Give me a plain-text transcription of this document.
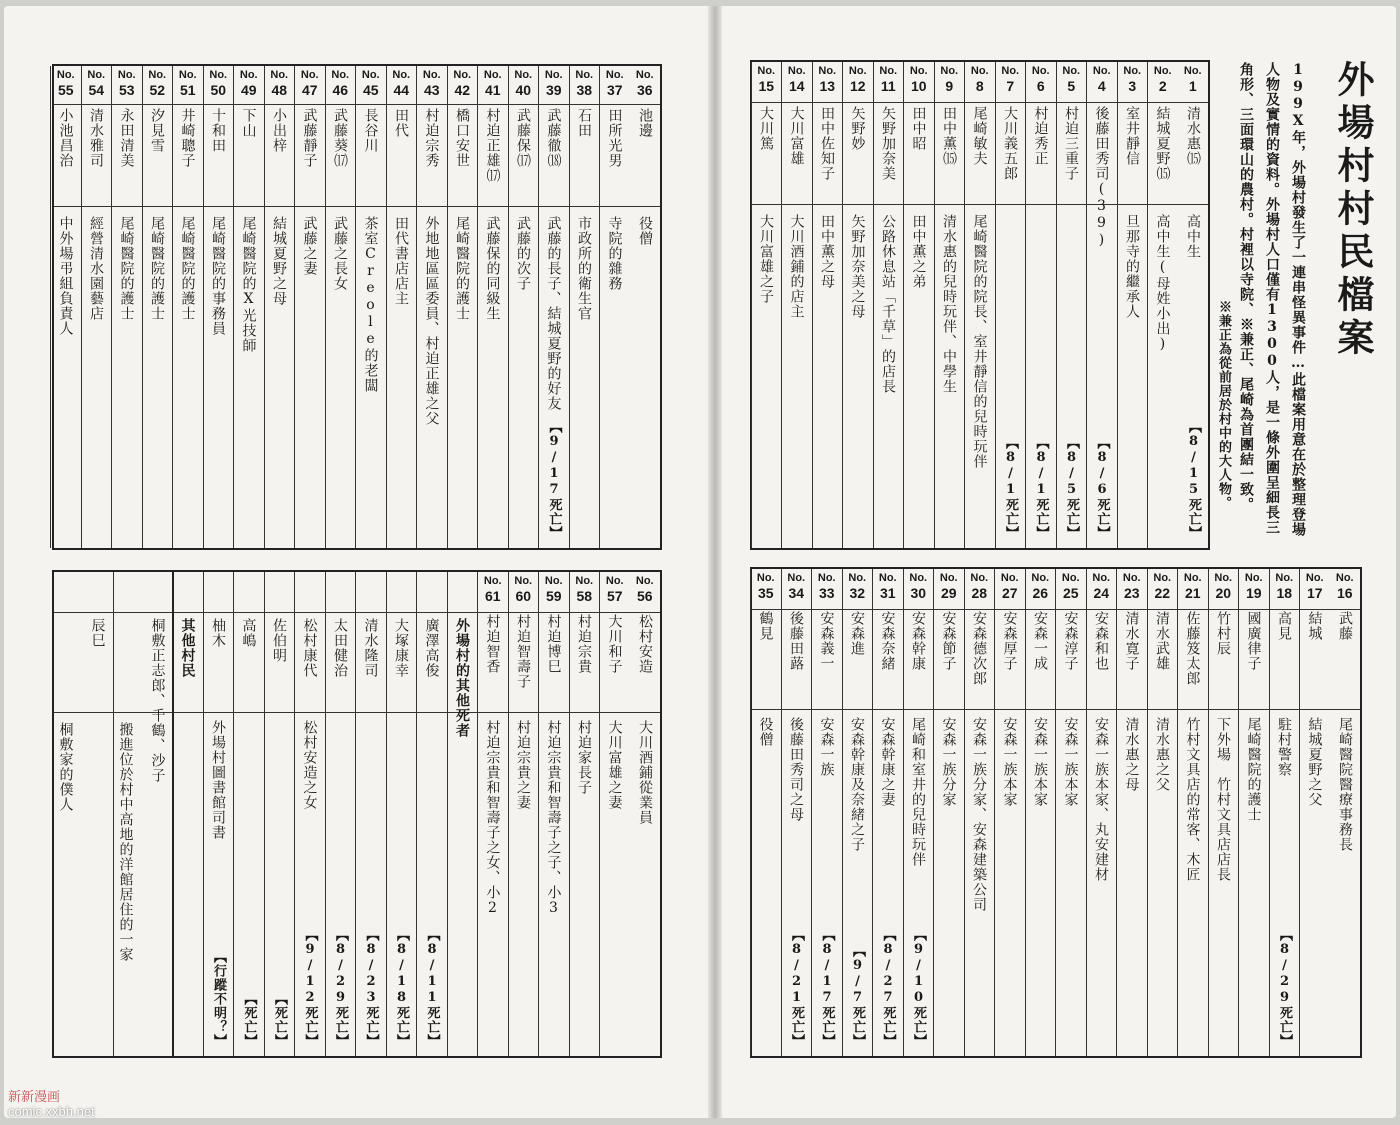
外場村村民檔案
199X年，外場村發生了一連串怪異事件…此檔案用意在於整理登場
人物及實情的資料。外場村人口僅有1300人，是一條外圍呈細長三
角形、三面環山的農村。村裡以寺院、※兼正、尾崎為首團結一致。
※兼正為從前居於村中的大人物。
No.
1
清水惠⒂
高中生
【8/15死亡】
No.
2
結城夏野⒂
高中生(母姓小出)
No.
3
室井靜信
旦那寺的繼承人
No.
4
後藤田秀司(39)
【8/6死亡】
No.
5
村迫三重子
【8/5死亡】
No.
6
村迫秀正
【8/1死亡】
No.
7
大川義五郎
【8/1死亡】
No.
8
尾崎敏夫
尾崎醫院的院長、室井靜信的兒時玩伴
No.
9
田中薫⒂
清水惠的兒時玩伴、中學生
No.
10
田中昭
田中薫之弟
No.
11
矢野加奈美
公路休息站「千草」的店長
No.
12
矢野妙
矢野加奈美之母
No.
13
田中佐知子
田中薫之母
No.
14
大川富雄
大川酒鋪的店主
No.
15
大川篤
大川富雄之子
No.
16
武藤
尾崎醫院醫療事務長
No.
17
結城
結城夏野之父
No.
18
高見
駐村警察
【8/29死亡】
No.
19
國廣律子
尾崎醫院的護士
No.
20
竹村辰
下外場　竹村文具店店長
No.
21
佐藤笈太郎
竹村文具店的常客、木匠
No.
22
清水武雄
清水惠之父
No.
23
清水寛子
清水惠之母
No.
24
安森和也
安森一族本家、丸安建材
No.
25
安森淳子
安森一族本家
No.
26
安森一成
安森一族本家
No.
27
安森厚子
安森一族本家
No.
28
安森德次郎
安森一族分家、安森建築公司
No.
29
安森節子
安森一族分家
No.
30
安森幹康
尾崎和室井的兒時玩伴
【9/10死亡】
No.
31
安森奈緒
安森幹康之妻
【8/27死亡】
No.
32
安森進
安森幹康及奈緒之子
【9/7死亡】
No.
33
安森義一
安森一族
【8/17死亡】
No.
34
後藤田蕗
後藤田秀司之母
【8/21死亡】
No.
35
鶴見
役僧
No.
36
池邊
役僧
No.
37
田所光男
寺院的雜務
No.
38
石田
市政所的衛生官
No.
39
武藤徹⒅
武藤的長子、結城夏野的好友
【9/17死亡】
No.
40
武藤保⒄
武藤的次子
No.
41
村迫正雄⒄
武藤保的同級生
No.
42
橋口安世
尾崎醫院的護士
No.
43
村迫宗秀
外地地區區委員、村迫正雄之父
No.
44
田代
田代書店店主
No.
45
長谷川
茶室Creole的老闆
No.
46
武藤葵⒄
武藤之長女
No.
47
武藤靜子
武藤之妻
No.
48
小出梓
結城夏野之母
No.
49
下山
尾崎醫院的X光技師
No.
50
十和田
尾崎醫院的事務員
No.
51
井崎聰子
尾崎醫院的護士
No.
52
汐見雪
尾崎醫院的護士
No.
53
永田清美
尾崎醫院的護士
No.
54
清水雅司
經營清水園藝店
No.
55
小池昌治
中外場弔組負責人
No.
56
松村安造
大川酒鋪從業員
No.
57
大川和子
大川富雄之妻
No.
58
村迫宗貴
村迫家長子
No.
59
村迫博巳
村迫宗貴和智壽子之子、小3
No.
60
村迫智壽子
村迫宗貴之妻
No.
61
村迫智香
村迫宗貴和智壽子之女、小2
外場村的其他死者
廣澤高俊
【8/11死亡】
大塚康幸
【8/18死亡】
清水隆司
【8/23死亡】
太田健治
【8/29死亡】
松村康代
松村安造之女
【9/12死亡】
佐伯明
【死亡】
高嶋
【死亡】
柚木
外場村圖書館司書
【行蹤不明？】
其他村民
桐敷正志郎、千鶴、沙子
搬進位於村中高地的洋館居住的一家
辰巳
桐敷家的僕人
新新漫画
comic.xxbh.net
